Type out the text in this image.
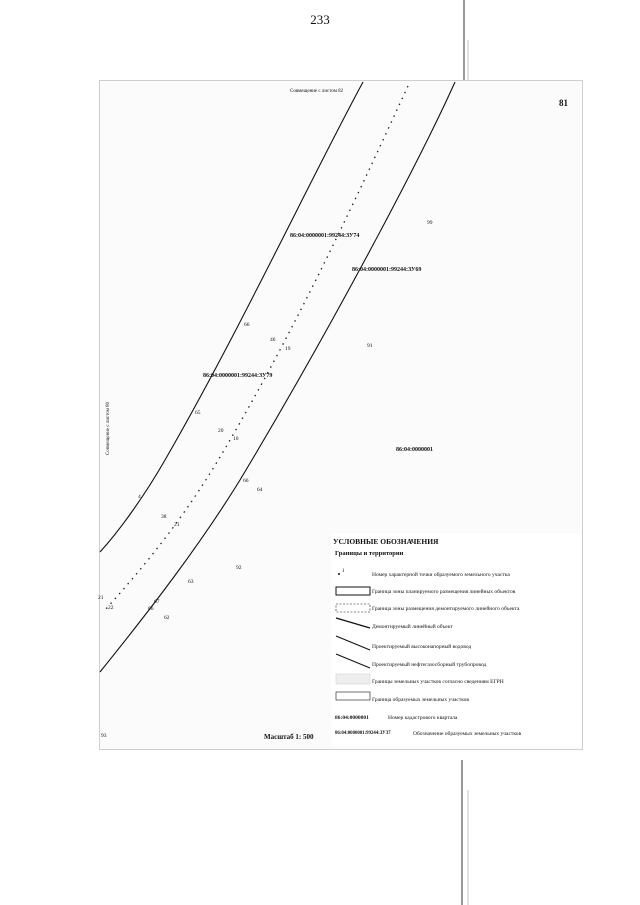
233
Совмещение с листом 82
Совмещение с листом 80
81
86:04:0000001:99244:ЗУ74
86:04:0000001:99244:ЗУ69
86:04:0000001:99244:ЗУ79
86:04:0000001
99
66
46
19	91
65
20
10
64
4
66
38
21
63
92
21
22
67
66
62
93	Масштаб 1: 500
УСЛОВНЫЕ ОБОЗНАЧЕНИЯ
Границы и территории
1
Номер характерной точки образуемого земельного участка
Граница зоны планируемого размещения линейных объектов
Граница зоны размещения демонтируемого линейного объекта
Демонтируемый линейный объект
Проектируемый высоконапорный водовод
Проектируемый нефтегазосборный трубопровод
Границы земельных участков согласно сведениям ЕГРН
Граница образуемых земельных участков
86:04:0000001	Номер кадастрового квартала
86:04:0000001:99244:ЗУ37	Обозначение образуемых земельных участков
